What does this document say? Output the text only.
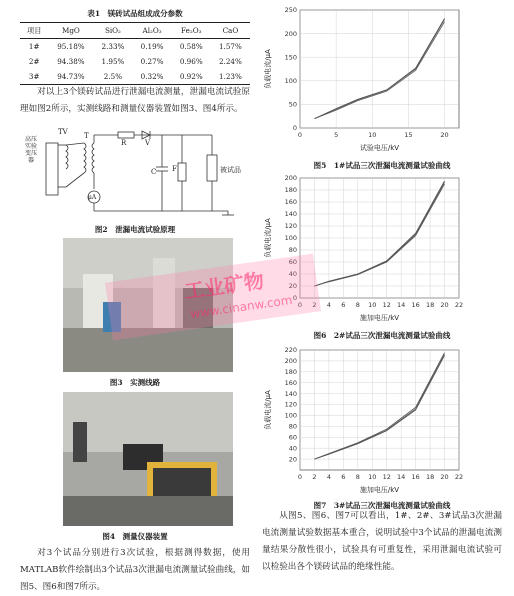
表1　镁砖试品组成成分参数
项目	MgO	SiO₂	Al₂O₃	Fe₂O₃	CaO
1#	95.18%	2.33%	0.19%	0.58%	1.57%
2#	94.38%	1.95%	0.27%	0.96%	2.24%
3#	94.73%	2.5%	0.32%	0.92%	1.23%
对以上3个镁砖试品进行泄漏电流测量，泄漏电流试验原理如图2所示，实测线路和测量仪器装置如图3、图4所示。
高压实验变压器
TV T
R	V
C F
μA
被试品
图2　泄漏电流试验原理
图3　实测线路
图4　测量仪器装置
对3个试品分别进行3次试验，根据测得数据，使用MATLAB软件绘制出3个试品3次泄漏电流测量试验曲线，如图5、图6和图7所示。
0	5	10	15	20
0
50
100
150
200
250
试验电压/kV
负载电流/μA
图5　1#试品三次泄漏电流测量试验曲线
0 2 4 6 8 10 12 14 16 18 20 22
0
20
40
60
80
100
120
140
160
180
200
施加电压/kV
负载电流/μA
图6　2#试品三次泄漏电流测量试验曲线
0 2 4 6 8 10 12 14 16 18 20 22
20
40
60
80
100
120
140
160
180
200
220
施加电压/kV
负载电流/μA
图7　3#试品三次泄漏电流测量试验曲线
从图5、图6、图7可以看出，1#、2#、3#试品3次泄漏电流测量试验数据基本重合，说明试验中3个试品的泄漏电流测量结果分散性很小，试验具有可重复性，采用泄漏电流试验可以检验出各个镁砖试品的绝缘性能。
工业矿物
www.cinanw.com
